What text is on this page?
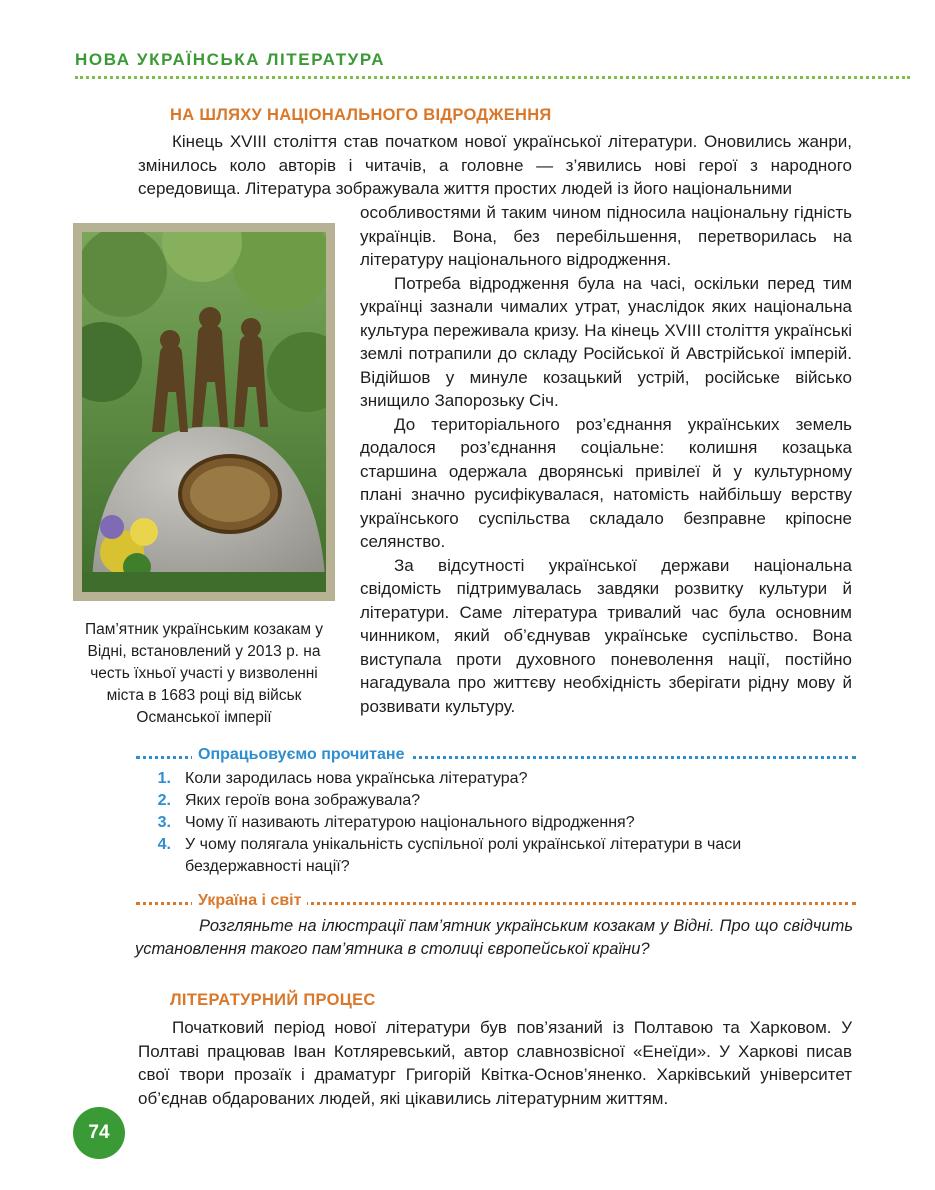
НОВА УКРАЇНСЬКА ЛІТЕРАТУРА
НА ШЛЯХУ НАЦІОНАЛЬНОГО ВІДРОДЖЕННЯ

Кінець XVIII століття став початком нової української літератури. Оновились жанри, змінилось коло авторів і читачів, а головне — з’явились нові герої з народного середовища. Література зображувала життя простих людей із його національними

особливостями й таким чином підносила національну гідність українців. Вона, без перебільшення, перетворилась на літературу національного відродження.

Потреба відродження була на часі, оскільки перед тим українці зазнали чималих утрат, унаслідок яких національна культура переживала кризу. На кінець XVIII століття українські землі потрапили до складу Російської й Австрійської імперій. Відійшов у минуле козацький устрій, російське військо знищило Запорозьку Січ.

До територіального роз’єднання українських земель додалося роз’єднання соціальне: колишня козацька старшина одержала дворянські привілеї й у культурному плані значно русифікувалася, натомість найбільшу верству українського суспільства складало безправне кріпосне селянство.

За відсутності української держави національна свідомість підтримувалась завдяки розвитку культури й літератури. Саме література тривалий час була основним чинником, який об’єднував українське суспільство. Вона виступала проти духовного поневолення нації, постійно нагадувала про життєву необхідність зберігати рідну мову й розвивати культуру.

Пам’ятник українським козакам у Відні, встановлений у 2013 р. на честь їхньої участі у визволенні міста в 1683 році від військ Османської імперії
Опрацьовуємо прочитане
1. Коли зародилась нова українська література?
2. Яких героїв вона зображувала?
3. Чому її називають літературою національного відродження?
4. У чому полягала унікальність суспільної ролі української літератури в часи бездержавності нації?
Україна і світ

Розгляньте на ілюстрації пам’ятник українським козакам у Відні. Про що свідчить установлення такого пам’ятника в столиці європейської країни?

ЛІТЕРАТУРНИЙ ПРОЦЕС

Початковий період нової літератури був пов’язаний із Полтавою та Харковом. У Полтаві працював Іван Котляревський, автор славнозвісної «Енеїди». У Харкові писав свої твори прозаїк і драматург Григорій Квітка-Основ’яненко. Харківський університет об’єднав обдарованих людей, які цікавились літературним життям.

74
